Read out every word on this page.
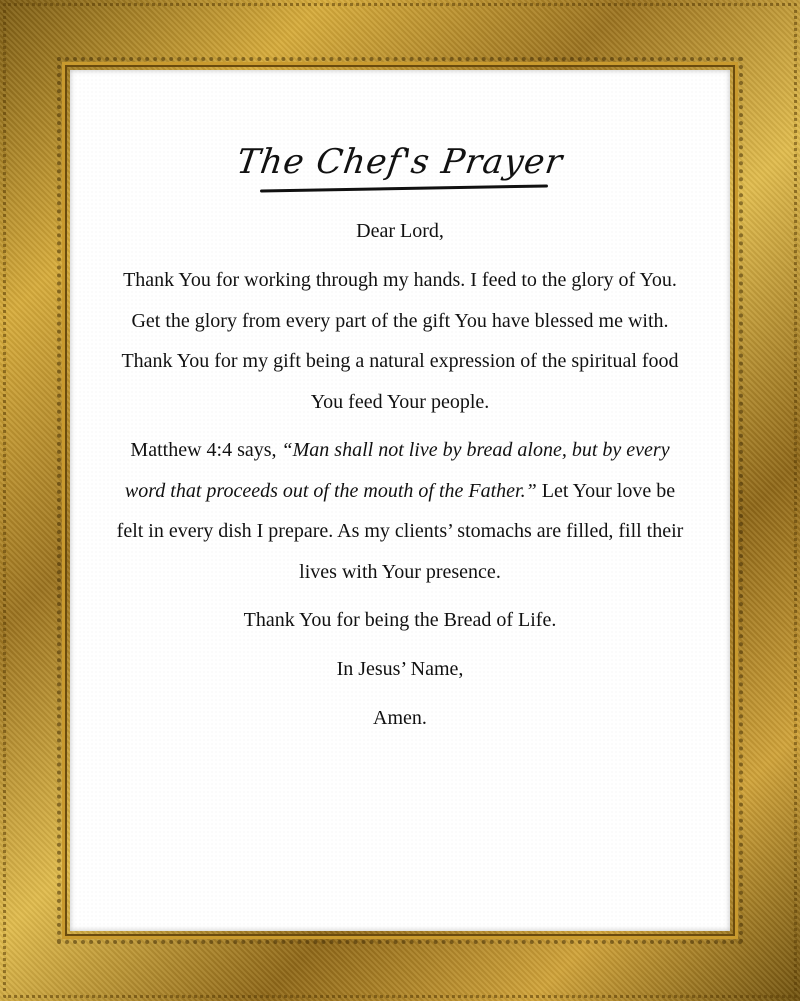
The Chef's Prayer

Dear Lord,

Thank You for working through my hands. I feed to the glory of You. Get the glory from every part of the gift You have blessed me with. Thank You for my gift being a natural expression of the spiritual food You feed Your people.

Matthew 4:4 says, “Man shall not live by bread alone, but by every word that proceeds out of the mouth of the Father.” Let Your love be felt in every dish I prepare. As my clients’ stomachs are filled, fill their lives with Your presence.

Thank You for being the Bread of Life.

In Jesus’ Name,

Amen.
